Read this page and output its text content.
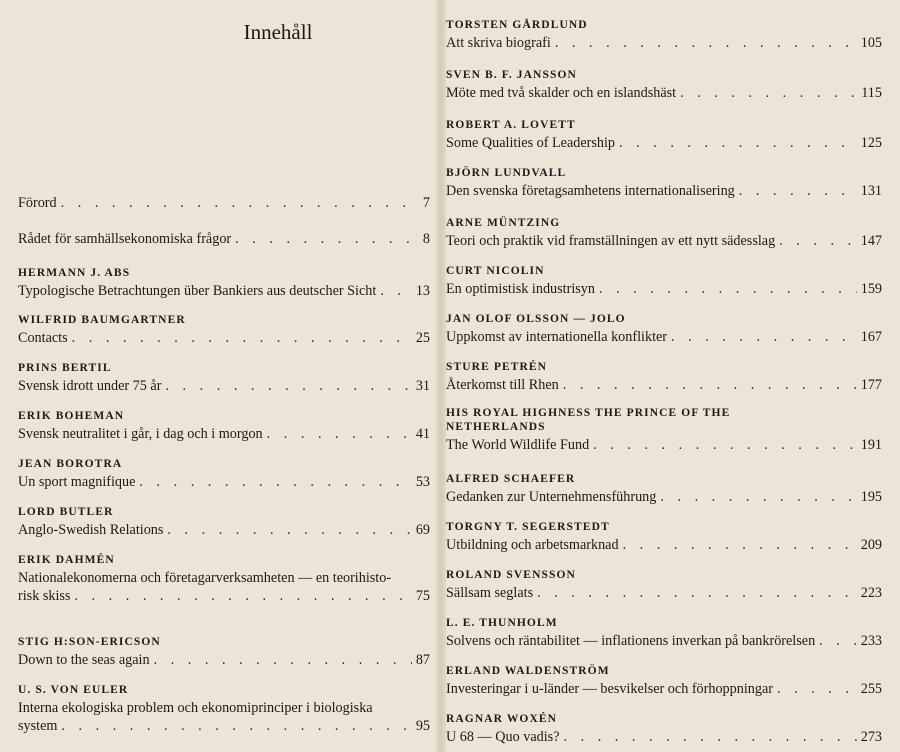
Innehåll
Förord . . .	7
Rådet för samhällsekonomiska frågor . . .	8
HERMANN J. ABS
Typologische Betrachtungen über Bankiers aus deutscher Sicht . . .	13
WILFRID BAUMGARTNER
Contacts . . .	25
PRINS BERTIL
Svensk idrott under 75 år . . .	31
ERIK BOHEMAN
Svensk neutralitet i går, i dag och i morgon . . .	41
JEAN BOROTRA
Un sport magnifique . . .	53
LORD BUTLER
Anglo-Swedish Relations . . .	69
ERIK DAHMÉN
Nationalekonomerna och företagarverksamheten — en teorihisto-
risk skiss . . .	75
STIG H:SON-ERICSON
Down to the seas again . . .	87
U. S. VON EULER
Interna ekologiska problem och ekonomiprinciper i biologiska
system . . .	95
TORSTEN GÅRDLUND
Att skriva biografi . . .	105
SVEN B. F. JANSSON
Möte med två skalder och en islandshäst . . .	115
ROBERT A. LOVETT
Some Qualities of Leadership . . .	125
BJÖRN LUNDVALL
Den svenska företagsamhetens internationalisering . . .	131
ARNE MÜNTZING
Teori och praktik vid framställningen av ett nytt sädesslag . . .	147
CURT NICOLIN
En optimistisk industrisyn . . .	159
JAN OLOF OLSSON — JOLO
Uppkomst av internationella konflikter . . .	167
STURE PETRÉN
Återkomst till Rhen . . .	177
HIS ROYAL HIGHNESS THE PRINCE OF THE
NETHERLANDS
The World Wildlife Fund . . .	191
ALFRED SCHAEFER
Gedanken zur Unternehmensführung . . .	195
TORGNY T. SEGERSTEDT
Utbildning och arbetsmarknad . . .	209
ROLAND SVENSSON
Sällsam seglats . . .	223
L. E. THUNHOLM
Solvens och räntabilitet — inflationens inverkan på bankrörelsen . . .	233
ERLAND WALDENSTRÖM
Investeringar i u-länder — besvikelser och förhoppningar . . .	255
RAGNAR WOXÉN
U 68 — Quo vadis? . . .	273
